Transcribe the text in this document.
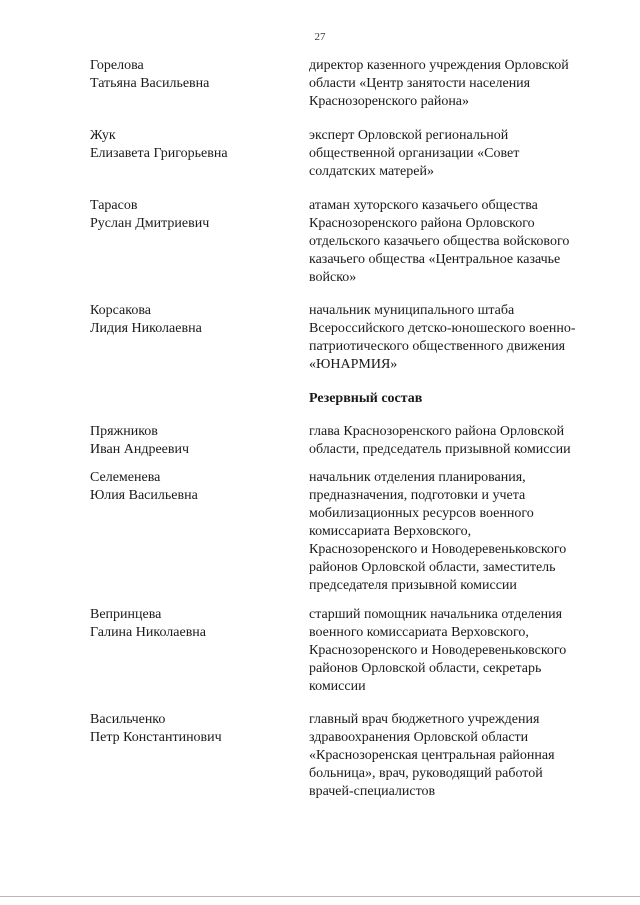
27
Горелова
Татьяна Васильевна
директор казенного учреждения Орловской
области «Центр занятости населения
Краснозоренского района»
Жук
Елизавета Григорьевна
эксперт Орловской региональной
общественной организации «Совет
солдатских матерей»
Тарасов
Руслан Дмитриевич
атаман хуторского казачьего общества
Краснозоренского района Орловского
отдельского казачьего общества войскового
казачьего общества «Центральное казачье
войско»
Корсакова
Лидия Николаевна
начальник муниципального штаба
Всероссийского детско-юношеского военно-
патриотического общественного движения
«ЮНАРМИЯ»
Резервный состав
Пряжников
Иван Андреевич
глава Краснозоренского района Орловской
области, председатель призывной комиссии
Селеменева
Юлия Васильевна
начальник отделения планирования,
предназначения, подготовки и учета
мобилизационных ресурсов военного
комиссариата Верховского,
Краснозоренского и Новодеревеньковского
районов Орловской области, заместитель
председателя призывной комиссии
Вепринцева
Галина Николаевна
старший помощник начальника отделения
военного комиссариата Верховского,
Краснозоренского и Новодеревеньковского
районов Орловской области, секретарь
комиссии
Васильченко
Петр Константинович
главный врач бюджетного учреждения
здравоохранения Орловской области
«Краснозоренская центральная районная
больница», врач, руководящий работой
врачей-специалистов
